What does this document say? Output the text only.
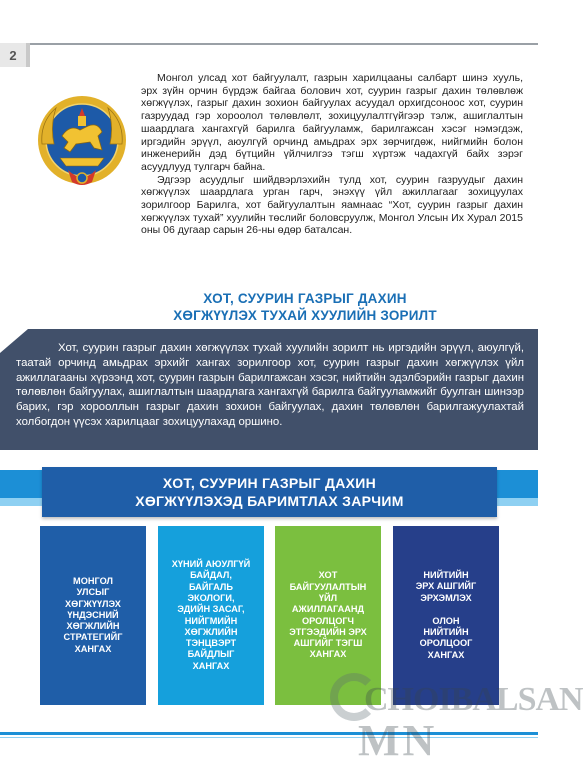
2

Монгол улсад хот байгуулалт, газрын харилцааны салбарт шинэ хууль, эрх зүйн орчин бүрдэж байгаа болович хот, суурин газрыг дахин төлөвлөж хөгжүүлэх, газрыг дахин зохион байгуулах асуудал орхигдсоноос хот, суурин газруудад гэр хороолол төлөвлөлт, зохицуулалтгүйгээр тэлж, ашиглалтын шаардлага хангахгүй барилга байгууламж, барилгажсан хэсэг нэмэгдэж, иргэдийн эрүүл, аюулгүй орчинд амьдрах эрх зөрчигдөж, нийгмийн болон инженерийн дэд бүтцийн үйлчилгээ тэгш хүртэж чадахгүй байх зэрэг асуудлууд тулгарч байна.

Эдгээр асуудлыг шийдвэрлэхийн тулд хот, суурин газруудыг дахин хөгжүүлэх шаардлага урган гарч, энэхүү үйл ажиллагааг зохицуулах зорилгоор Барилга, хот байгуулалтын яамнаас “Хот, суурин газрыг дахин хөгжүүлэх тухай” хуулийн төслийг боловсруулж, Монгол Улсын Их Хурал 2015 оны 06 дугаар сарын 26-ны өдөр баталсан.

ХОТ, СУУРИН ГАЗРЫГ ДАХИН
ХӨГЖҮҮЛЭХ ТУХАЙ ХУУЛИЙН ЗОРИЛТ

Хот, суурин газрыг дахин хөгжүүлэх тухай хуулийн зорилт нь иргэдийн эрүүл, аюулгүй, таатай орчинд амьдрах эрхийг хангах зорилгоор хот, суурин газрыг дахин хөгжүүлэх үйл ажиллагааны хүрээнд хот, суурин газрын барилгажсан хэсэг, нийтийн эдэлбэрийн газрыг дахин төлөвлөн байгуулах, ашиглалтын шаардлага хангахгүй барилга байгууламжийг буулган шинээр барих, гэр хорооллын газрыг дахин зохион байгуулах, дахин төлөвлөн барилгажуулахтай холбогдон үүсэх харилцааг зохицуулахад оршино.

ХОТ, СУУРИН ГАЗРЫГ ДАХИН
ХӨГЖҮҮЛЭХЭД БАРИМТЛАХ ЗАРЧИМ
МОНГОЛ
УЛСЫГ
ХӨГЖҮҮЛЭХ
ҮНДЭСНИЙ
ХӨГЖЛИЙН
СТРАТЕГИЙГ
ХАНГАХ
ХҮНИЙ АЮУЛГҮЙ
БАЙДАЛ, БАЙГАЛЬ
ЭКОЛОГИ,
ЭДИЙН ЗАСАГ,
НИЙГМИЙН
ХӨГЖЛИЙН
ТЭНЦВЭРТ
БАЙДЛЫГ ХАНГАХ
ХОТ
БАЙГУУЛАЛТЫН
ҮЙЛ
АЖИЛЛАГААНД
ОРОЛЦОГЧ
ЭТГЭЭДИЙН ЭРХ
АШГИЙГ ТЭГШ
ХАНГАХ
НИЙТИЙН
ЭРХ АШГИЙГ
ЭРХЭМЛЭХ
ОЛОН
НИЙТИЙН
ОРОЛЦООГ
ХАНГАХ
CHOIBALSAN
MN
